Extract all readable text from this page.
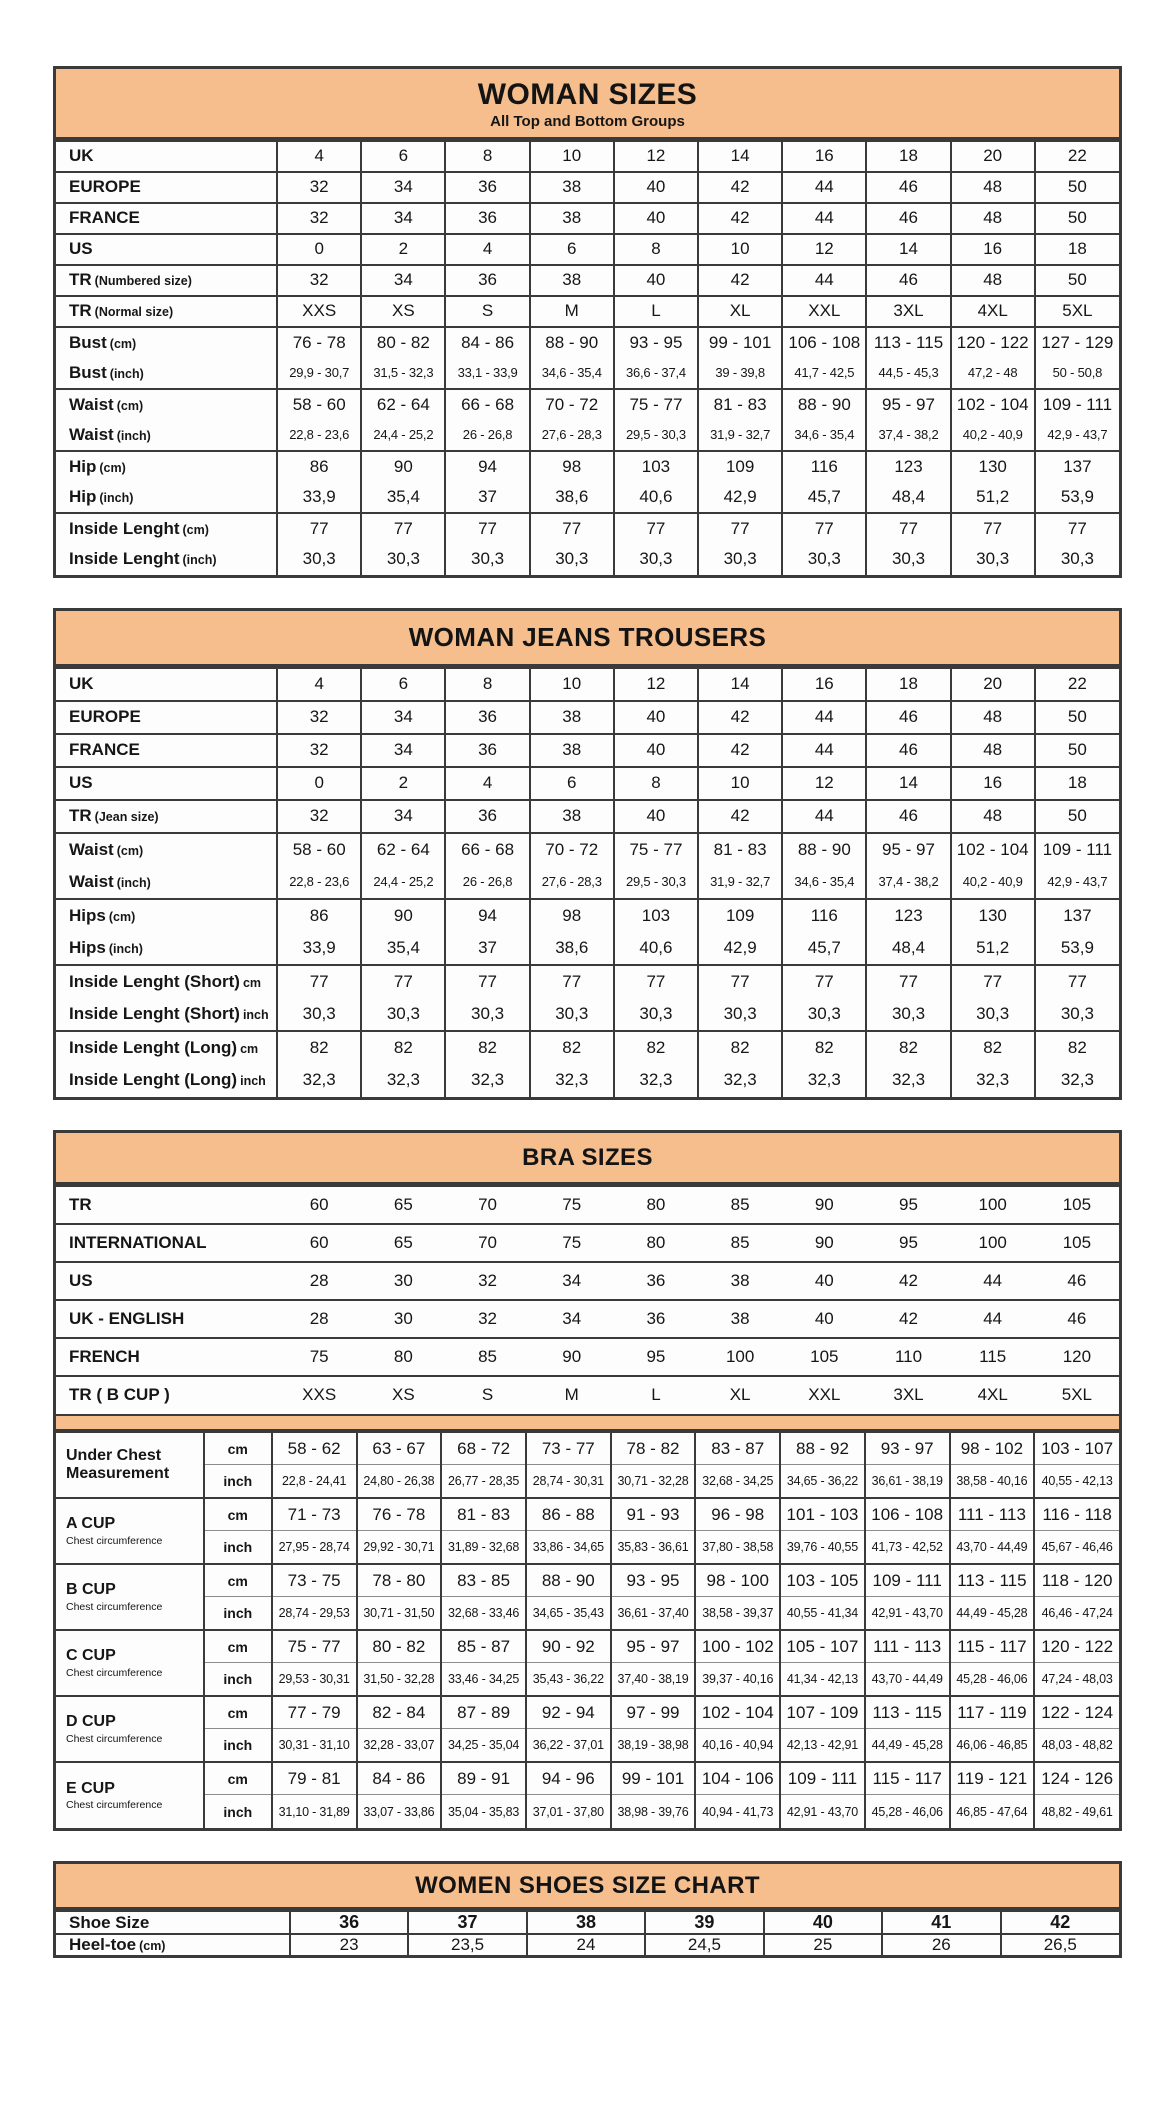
WOMAN SIZES
All Top and Bottom Groups
UK	4	6	8	10	12	14	16	18	20	22
EUROPE	32	34	36	38	40	42	44	46	48	50
FRANCE	32	34	36	38	40	42	44	46	48	50
US	0	2	4	6	8	10	12	14	16	18
TR (Numbered size)	32	34	36	38	40	42	44	46	48	50
TR (Normal size)	XXS	XS	S	M	L	XL	XXL	3XL	4XL	5XL
Bust (cm)	76 - 78	80 - 82	84 - 86	88 - 90	93 - 95	99 - 101	106 - 108	113 - 115	120 - 122	127 - 129
Bust (inch)	29,9 - 30,7	31,5 - 32,3	33,1 - 33,9	34,6 - 35,4	36,6 - 37,4	39 - 39,8	41,7 - 42,5	44,5 - 45,3	47,2 - 48	50 - 50,8
Waist (cm)	58 - 60	62 - 64	66 - 68	70 - 72	75 - 77	81 - 83	88 - 90	95 - 97	102 - 104	109 - 111
Waist (inch)	22,8 - 23,6	24,4 - 25,2	26 - 26,8	27,6 - 28,3	29,5 - 30,3	31,9 - 32,7	34,6 - 35,4	37,4 - 38,2	40,2 - 40,9	42,9 - 43,7
Hip (cm)	86	90	94	98	103	109	116	123	130	137
Hip (inch)	33,9	35,4	37	38,6	40,6	42,9	45,7	48,4	51,2	53,9
Inside Lenght (cm)	77	77	77	77	77	77	77	77	77	77
Inside Lenght (inch)	30,3	30,3	30,3	30,3	30,3	30,3	30,3	30,3	30,3	30,3
WOMAN JEANS TROUSERS
UK	4	6	8	10	12	14	16	18	20	22
EUROPE	32	34	36	38	40	42	44	46	48	50
FRANCE	32	34	36	38	40	42	44	46	48	50
US	0	2	4	6	8	10	12	14	16	18
TR (Jean size)	32	34	36	38	40	42	44	46	48	50
Waist (cm)	58 - 60	62 - 64	66 - 68	70 - 72	75 - 77	81 - 83	88 - 90	95 - 97	102 - 104	109 - 111
Waist (inch)	22,8 - 23,6	24,4 - 25,2	26 - 26,8	27,6 - 28,3	29,5 - 30,3	31,9 - 32,7	34,6 - 35,4	37,4 - 38,2	40,2 - 40,9	42,9 - 43,7
Hips (cm)	86	90	94	98	103	109	116	123	130	137
Hips (inch)	33,9	35,4	37	38,6	40,6	42,9	45,7	48,4	51,2	53,9
Inside Lenght (Short) cm	77	77	77	77	77	77	77	77	77	77
Inside Lenght (Short) inch	30,3	30,3	30,3	30,3	30,3	30,3	30,3	30,3	30,3	30,3
Inside Lenght (Long) cm	82	82	82	82	82	82	82	82	82	82
Inside Lenght (Long) inch	32,3	32,3	32,3	32,3	32,3	32,3	32,3	32,3	32,3	32,3
BRA SIZES
TR	60	65	70	75	80	85	90	95	100	105
INTERNATIONAL	60	65	70	75	80	85	90	95	100	105
US	28	30	32	34	36	38	40	42	44	46
UK - ENGLISH	28	30	32	34	36	38	40	42	44	46
FRENCH	75	80	85	90	95	100	105	110	115	120
TR ( B CUP )	XXS	XS	S	M	L	XL	XXL	3XL	4XL	5XL
Under Chest Measurement	cm	58 - 62	63 - 67	68 - 72	73 - 77	78 - 82	83 - 87	88 - 92	93 - 97	98 - 102	103 - 107
	inch	22,8 - 24,41	24,80 - 26,38	26,77 - 28,35	28,74 - 30,31	30,71 - 32,28	32,68 - 34,25	34,65 - 36,22	36,61 - 38,19	38,58 - 40,16	40,55 - 42,13
A CUP
Chest circumference	cm	71 - 73	76 - 78	81 - 83	86 - 88	91 - 93	96 - 98	101 - 103	106 - 108	111 - 113	116 - 118
	inch	27,95 - 28,74	29,92 - 30,71	31,89 - 32,68	33,86 - 34,65	35,83 - 36,61	37,80 - 38,58	39,76 - 40,55	41,73 - 42,52	43,70 - 44,49	45,67 - 46,46
B CUP
Chest circumference	cm	73 - 75	78 - 80	83 - 85	88 - 90	93 - 95	98 - 100	103 - 105	109 - 111	113 - 115	118 - 120
	inch	28,74 - 29,53	30,71 - 31,50	32,68 - 33,46	34,65 - 35,43	36,61 - 37,40	38,58 - 39,37	40,55 - 41,34	42,91 - 43,70	44,49 - 45,28	46,46 - 47,24
C CUP
Chest circumference	cm	75 - 77	80 - 82	85 - 87	90 - 92	95 - 97	100 - 102	105 - 107	111 - 113	115 - 117	120 - 122
	inch	29,53 - 30,31	31,50 - 32,28	33,46 - 34,25	35,43 - 36,22	37,40 - 38,19	39,37 - 40,16	41,34 - 42,13	43,70 - 44,49	45,28 - 46,06	47,24 - 48,03
D CUP
Chest circumference	cm	77 - 79	82 - 84	87 - 89	92 - 94	97 - 99	102 - 104	107 - 109	113 - 115	117 - 119	122 - 124
	inch	30,31 - 31,10	32,28 - 33,07	34,25 - 35,04	36,22 - 37,01	38,19 - 38,98	40,16 - 40,94	42,13 - 42,91	44,49 - 45,28	46,06 - 46,85	48,03 - 48,82
E CUP
Chest circumference	cm	79 - 81	84 - 86	89 - 91	94 - 96	99 - 101	104 - 106	109 - 111	115 - 117	119 - 121	124 - 126
	inch	31,10 - 31,89	33,07 - 33,86	35,04 - 35,83	37,01 - 37,80	38,98 - 39,76	40,94 - 41,73	42,91 - 43,70	45,28 - 46,06	46,85 - 47,64	48,82 - 49,61
WOMEN SHOES SIZE CHART
Shoe Size	36	37	38	39	40	41	42
Heel-toe (cm)	23	23,5	24	24,5	25	26	26,5
